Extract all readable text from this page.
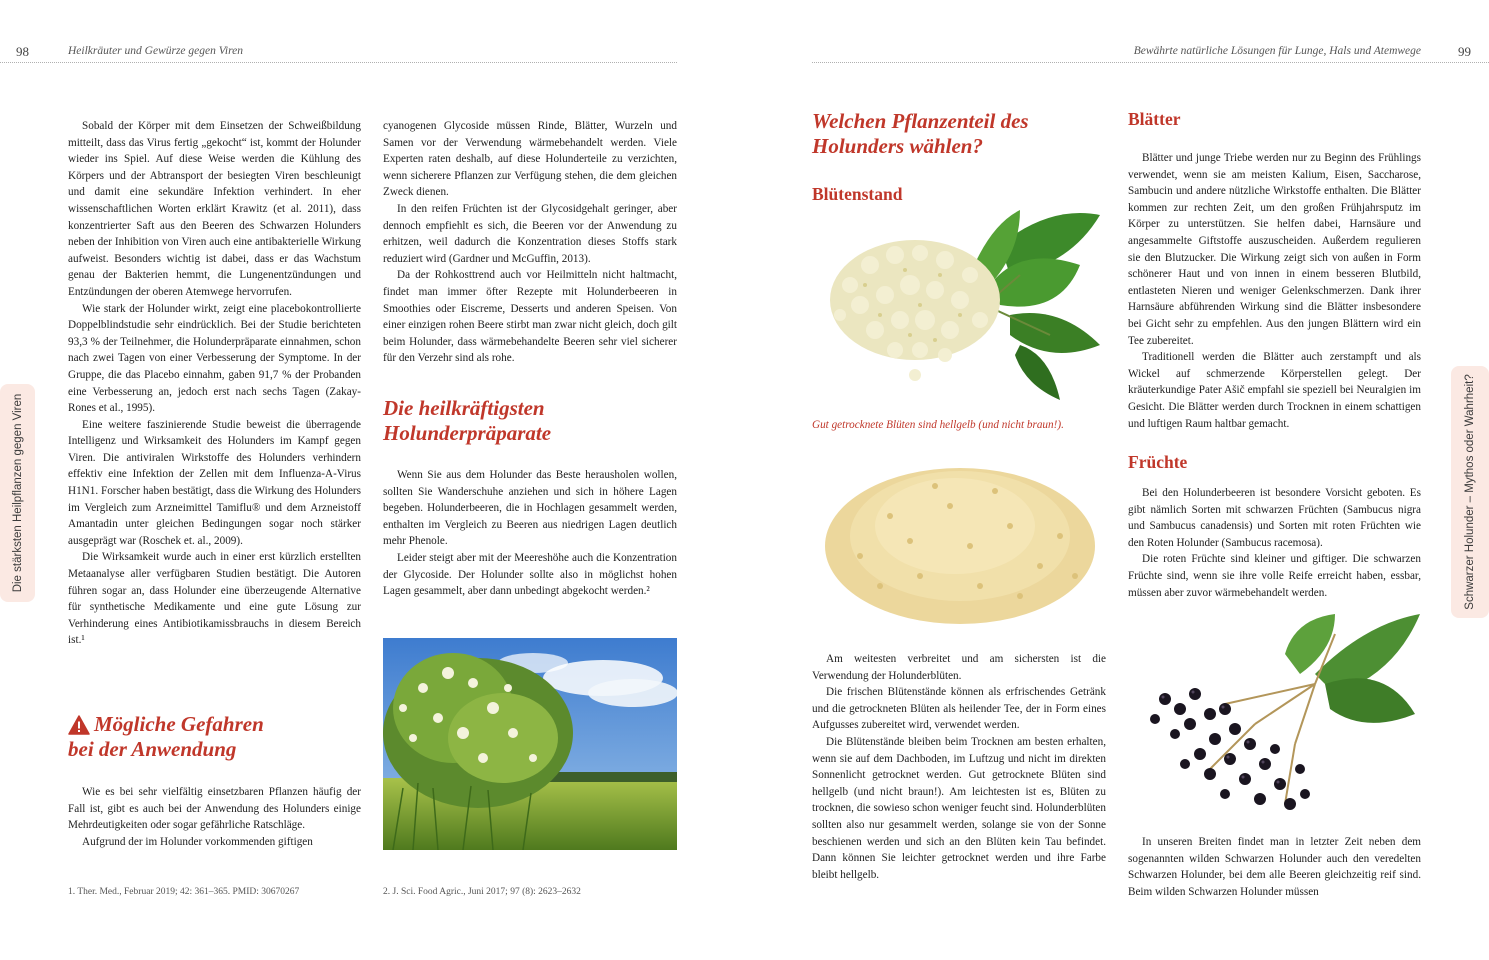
98	Heilkräuter und Gewürze gegen Viren
Die stärksten Heilpflanzen gegen Viren

Sobald der Körper mit dem Einsetzen der Schweißbildung mitteilt, dass das Virus fertig „gekocht“ ist, kommt der Holunder wieder ins Spiel. Auf diese Weise werden die Kühlung des Körpers und der Abtransport der besiegten Viren beschleunigt und damit eine sekundäre Infektion verhindert. In eher wissenschaftlichen Worten erklärt Krawitz (et al. 2011), dass konzentrierter Saft aus den Beeren des Schwarzen Holunders neben der Inhibition von Viren auch eine antibakterielle Wirkung aufweist. Besonders wichtig ist dabei, dass er das Wachstum genau der Bakterien hemmt, die Lungenentzündungen und Entzündungen der oberen Atemwege hervorrufen.

Wie stark der Holunder wirkt, zeigt eine placebokontrollierte Doppelblindstudie sehr eindrücklich. Bei der Studie berichteten 93,3 % der Teilnehmer, die Holunderpräparate einnahmen, schon nach zwei Tagen von einer Verbesserung der Symptome. In der Gruppe, die das Placebo einnahm, gaben 91,7 % der Probanden eine Verbesserung an, jedoch erst nach sechs Tagen (Zakay-Rones et al., 1995).

Eine weitere faszinierende Studie beweist die überragende Intelligenz und Wirksamkeit des Holunders im Kampf gegen Viren. Die antiviralen Wirkstoffe des Holunders verhindern effektiv eine Infektion der Zellen mit dem Influenza-A-Virus H1N1. Forscher haben bestätigt, dass die Wirkung des Holunders im Vergleich zum Arzneimittel Tamiflu® und dem Arzneistoff Amantadin unter gleichen Bedingungen sogar noch stärker ausgeprägt war (Roschek et. al., 2009).

Die Wirksamkeit wurde auch in einer erst kürzlich erstellten Metaanalyse aller verfügbaren Studien bestätigt. Die Autoren führen sogar an, dass Holunder eine überzeugende Alternative für synthetische Medikamente und eine gute Lösung zur Verhinderung eines Antibiotikamissbrauchs in diesem Bereich ist.¹

Mögliche Gefahren
bei der Anwendung

Wie es bei sehr vielfältig einsetzbaren Pflanzen häufig der Fall ist, gibt es auch bei der Anwendung des Holunders einige Mehrdeutigkeiten oder sogar gefährliche Ratschläge.

Aufgrund der im Holunder vorkommenden giftigen

cyanogenen Glycoside müssen Rinde, Blätter, Wurzeln und Samen vor der Verwendung wärmebehandelt werden. Viele Experten raten deshalb, auf diese Holunderteile zu verzichten, wenn sicherere Pflanzen zur Verfügung stehen, die dem gleichen Zweck dienen.

In den reifen Früchten ist der Glycosidgehalt geringer, aber dennoch empfiehlt es sich, die Beeren vor der Anwendung zu erhitzen, weil dadurch die Konzentration dieses Stoffs stark reduziert wird (Gardner und McGuffin, 2013).

Da der Rohkosttrend auch vor Heilmitteln nicht haltmacht, findet man immer öfter Rezepte mit Holunderbeeren in Smoothies oder Eiscreme, Desserts und anderen Speisen. Von einer einzigen rohen Beere stirbt man zwar nicht gleich, doch gilt beim Holunder, dass wärmebehandelte Beeren sehr viel sicherer für den Verzehr sind als rohe.

Die heilkräftigsten
Holunderpräparate

Wenn Sie aus dem Holunder das Beste herausholen wollen, sollten Sie Wanderschuhe anziehen und sich in höhere Lagen begeben. Holunderbeeren, die in Hochlagen gesammelt werden, enthalten im Vergleich zu Beeren aus niedrigen Lagen deutlich mehr Phenole.

Leider steigt aber mit der Meereshöhe auch die Konzentration der Glycoside. Der Holunder sollte also in möglichst hohen Lagen gesammelt, aber dann unbedingt abgekocht werden.²

1. Ther. Med., Februar 2019; 42: 361–365. PMID: 30670267	2. J. Sci. Food Agric., Juni 2017; 97 (8): 2623–2632
Bewährte natürliche Lösungen für Lunge, Hals und Atemwege	99
Schwarzer Holunder – Mythos oder Wahrheit?
Welchen Pflanzenteil des
Holunders wählen?
Blütenstand
Gut getrocknete Blüten sind hellgelb (und nicht braun!).

Am weitesten verbreitet und am sichersten ist die Verwendung der Holunderblüten.

Die frischen Blütenstände können als erfrischendes Getränk und die getrockneten Blüten als heilender Tee, der in Form eines Aufgusses zubereitet wird, verwendet werden.

Die Blütenstände bleiben beim Trocknen am besten erhalten, wenn sie auf dem Dachboden, im Luftzug und nicht im direkten Sonnenlicht getrocknet werden. Gut getrocknete Blüten sind hellgelb (und nicht braun!). Am leichtesten ist es, Blüten zu trocknen, die sowieso schon weniger feucht sind. Holunderblüten sollten also nur gesammelt werden, solange sie von der Sonne beschienen werden und sich an den Blüten kein Tau befindet. Dann können Sie leichter getrocknet werden und ihre Farbe bleibt hellgelb.

Blätter

Blätter und junge Triebe werden nur zu Beginn des Frühlings verwendet, wenn sie am meisten Kalium, Eisen, Saccharose, Sambucin und andere nützliche Wirkstoffe enthalten. Die Blätter kommen zur rechten Zeit, um den großen Frühjahrsputz im Körper zu unterstützen. Sie helfen dabei, Harnsäure und angesammelte Giftstoffe auszuscheiden. Außerdem regulieren sie den Blutzucker. Die Wirkung zeigt sich von außen in Form schönerer Haut und von innen in einem besseren Blutbild, entlasteten Nieren und weniger Gelenkschmerzen. Dank ihrer Harnsäure abführenden Wirkung sind die Blätter insbesondere bei Gicht sehr zu empfehlen. Aus den jungen Blättern wird ein Tee zubereitet.

Traditionell werden die Blätter auch zerstampft und als Wickel auf schmerzende Körperstellen gelegt. Der kräuterkundige Pater Ašič empfahl sie speziell bei Neuralgien im Gesicht. Die Blätter werden durch Trocknen in einem schattigen und luftigen Raum haltbar gemacht.

Früchte

Bei den Holunderbeeren ist besondere Vorsicht geboten. Es gibt nämlich Sorten mit schwarzen Früchten (Sambucus nigra und Sambucus canadensis) und Sorten mit roten Früchten wie den Roten Holunder (Sambucus racemosa).

Die roten Früchte sind kleiner und giftiger. Die schwarzen Früchte sind, wenn sie ihre volle Reife erreicht haben, essbar, müssen aber zuvor wärmebehandelt werden.

In unseren Breiten findet man in letzter Zeit neben dem sogenannten wilden Schwarzen Holunder auch den veredelten Schwarzen Holunder, bei dem alle Beeren gleichzeitig reif sind. Beim wilden Schwarzen Holunder müssen
